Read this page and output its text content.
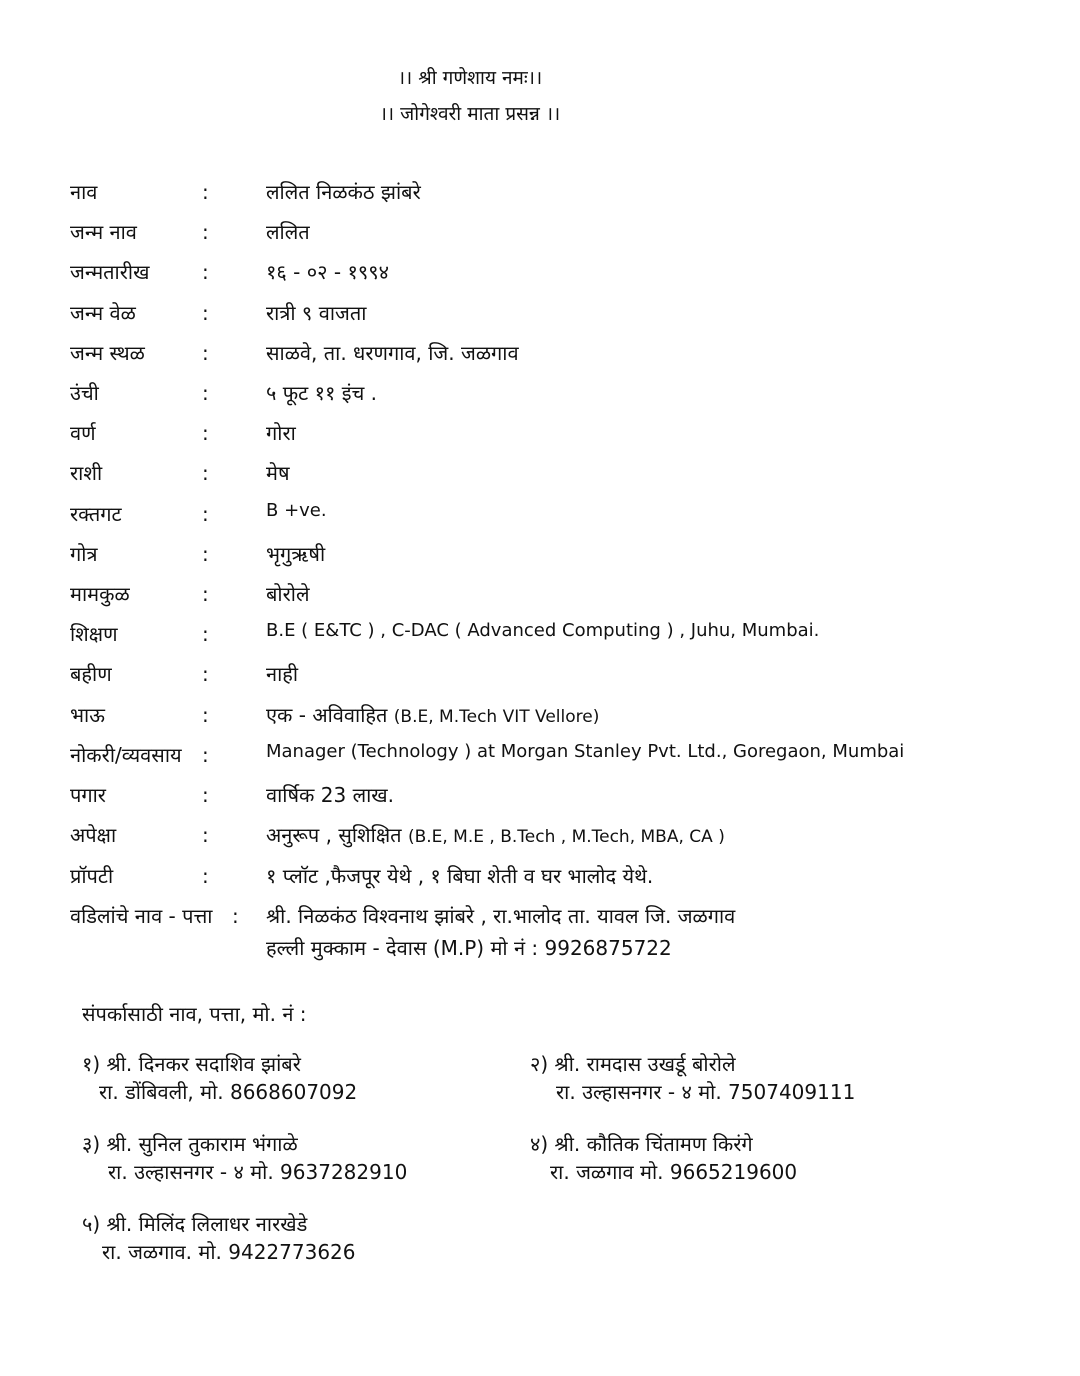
।। श्री गणेशाय नमः।।
।। जोगेश्वरी माता प्रसन्न ।।
नाव	:	ललित निळकंठ झांबरे
जन्म नाव	:	ललित
जन्मतारीख	:	१६ - ०२ - १९९४
जन्म वेळ	:	रात्री ९ वाजता
जन्म स्थळ	:	साळवे, ता. धरणगाव, जि. जळगाव
उंची	:	५ फूट ११ इंच .
वर्ण	:	गोरा
राशी	:	मेष
रक्तगट	:	B +ve.
गोत्र	:	भृगुऋषी
मामकुळ	:	बोरोले
शिक्षण	:	B.E ( E&TC ) , C-DAC ( Advanced Computing ) , Juhu, Mumbai.
बहीण	:	नाही
भाऊ	:	एक - अविवाहित (B.E, M.Tech VIT Vellore)
नोकरी/व्यवसाय :	Manager (Technology ) at Morgan Stanley Pvt. Ltd., Goregaon, Mumbai
पगार	:	वार्षिक 23 लाख.
अपेक्षा	:	अनुरूप , सुशिक्षित (B.E, M.E , B.Tech , M.Tech, MBA, CA )
प्रॉपटी	:	१ प्लॉट ,फैजपूर येथे , १ बिघा शेती व घर भालोद येथे.
वडिलांचे नाव - पत्ता : श्री. निळकंठ विश्वनाथ झांबरे , रा.भालोद ता. यावल जि. जळगाव
हल्ली मुक्काम - देवास (M.P) मो नं : 9926875722
संपर्कासाठी नाव, पत्ता, मो. नं :
१) श्री. दिनकर सदाशिव झांबरे
रा. डोंबिवली, मो. 8668607092
२) श्री. रामदास उखर्डू बोरोले
रा. उल्हासनगर - ४ मो. 7507409111
३) श्री. सुनिल तुकाराम भंगाळे
रा. उल्हासनगर - ४ मो. 9637282910
४) श्री. कौतिक चिंतामण किरंगे
रा. जळगाव मो. 9665219600
५) श्री. मिलिंद लिलाधर नारखेडे
रा. जळगाव. मो. 9422773626
